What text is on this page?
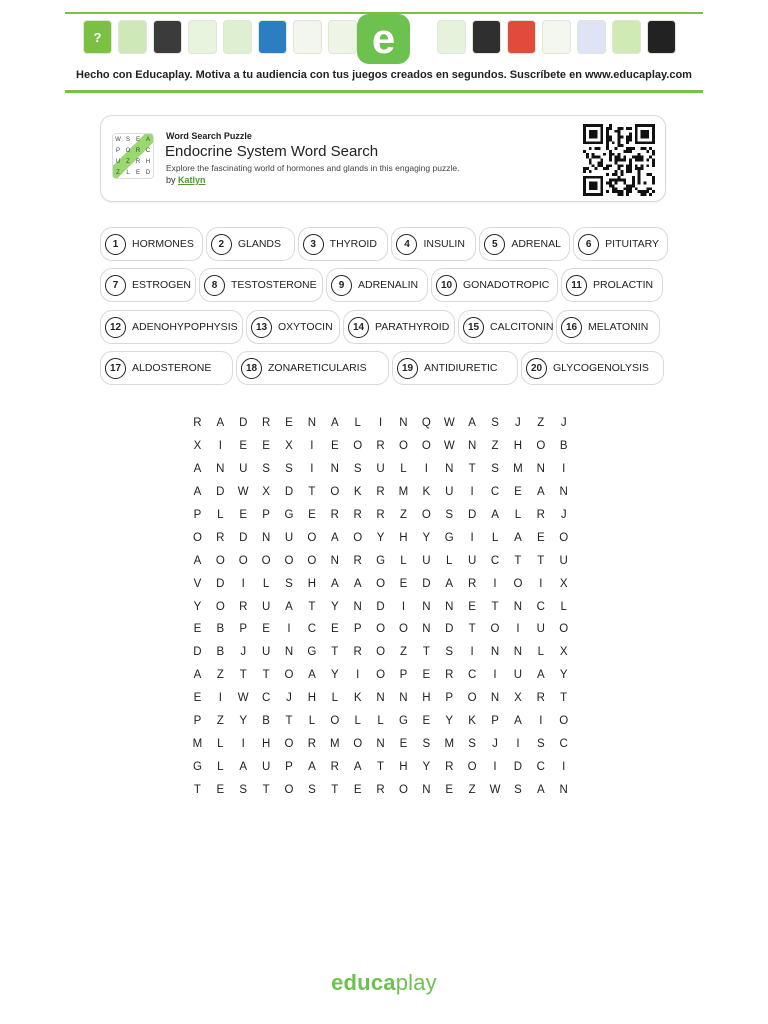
?	e
Hecho con Educaplay. Motiva a tu audiencia con tus juegos creados en segundos. Suscríbete en www.educaplay.com
W S E A
P O R C
U Z	R H
Z	L	E D
Word Search Puzzle
Endocrine System Word Search
Explore the fascinating world of hormones and glands in this engaging puzzle.
by Katlyn
1	HORMONES	2	GLANDS	3	THYROID	4	INSULIN	5	ADRENAL	6	PITUITARY
7	ESTROGEN	8	TESTOSTERONE	9	ADRENALIN	10	GONADOTROPIC	11	PROLACTIN
12	ADENOHYPOPHYSIS	13	OXYTOCIN	14	PARATHYROID	15	CALCITONIN	16	MELATONIN
17	ALDOSTERONE	18	ZONARETICULARIS	19	ANTIDIURETIC	20	GLYCOGENOLYSIS
R	A	D	R	E	N	A	L	I	N	Q	W	A	S	J	Z	J
X	I	E	E	X	I	E	O	R	O	O	W	N	Z	H	O	B
A	N	U	S	S	I	N	S	U	L	I	N	T	S	M	N	I
A	D	W	X	D	T	O	K	R	M	K	U	I	C	E	A	N
P	L	E	P	G	E	R	R	R	Z	O	S	D	A	L	R	J
O	R	D	N	U	O	A	O	Y	H	Y	G	I	L	A	E	O
A	O	O	O	O	O	N	R	G	L	U	L	U	C	T	T	U
V	D	I	L	S	H	A	A	O	E	D	A	R	I	O	I	X
Y	O	R	U	A	T	Y	N	D	I	N	N	E	T	N	C	L
E	B	P	E	I	C	E	P	O	O	N	D	T	O	I	U	O
D	B	J	U	N	G	T	R	O	Z	T	S	I	N	N	L	X
A	Z	T	T	O	A	Y	I	O	P	E	R	C	I	U	A	Y
E	I	W	C	J	H	L	K	N	N	H	P	O	N	X	R	T
P	Z	Y	B	T	L	O	L	L	G	E	Y	K	P	A	I	O
M	L	I	H	O	R	M	O	N	E	S	M	S	J	I	S	C
G	L	A	U	P	A	R	A	T	H	Y	R	O	I	D	C	I
T	E	S	T	O	S	T	E	R	O	N	E	Z	W	S	A	N
educaplay
